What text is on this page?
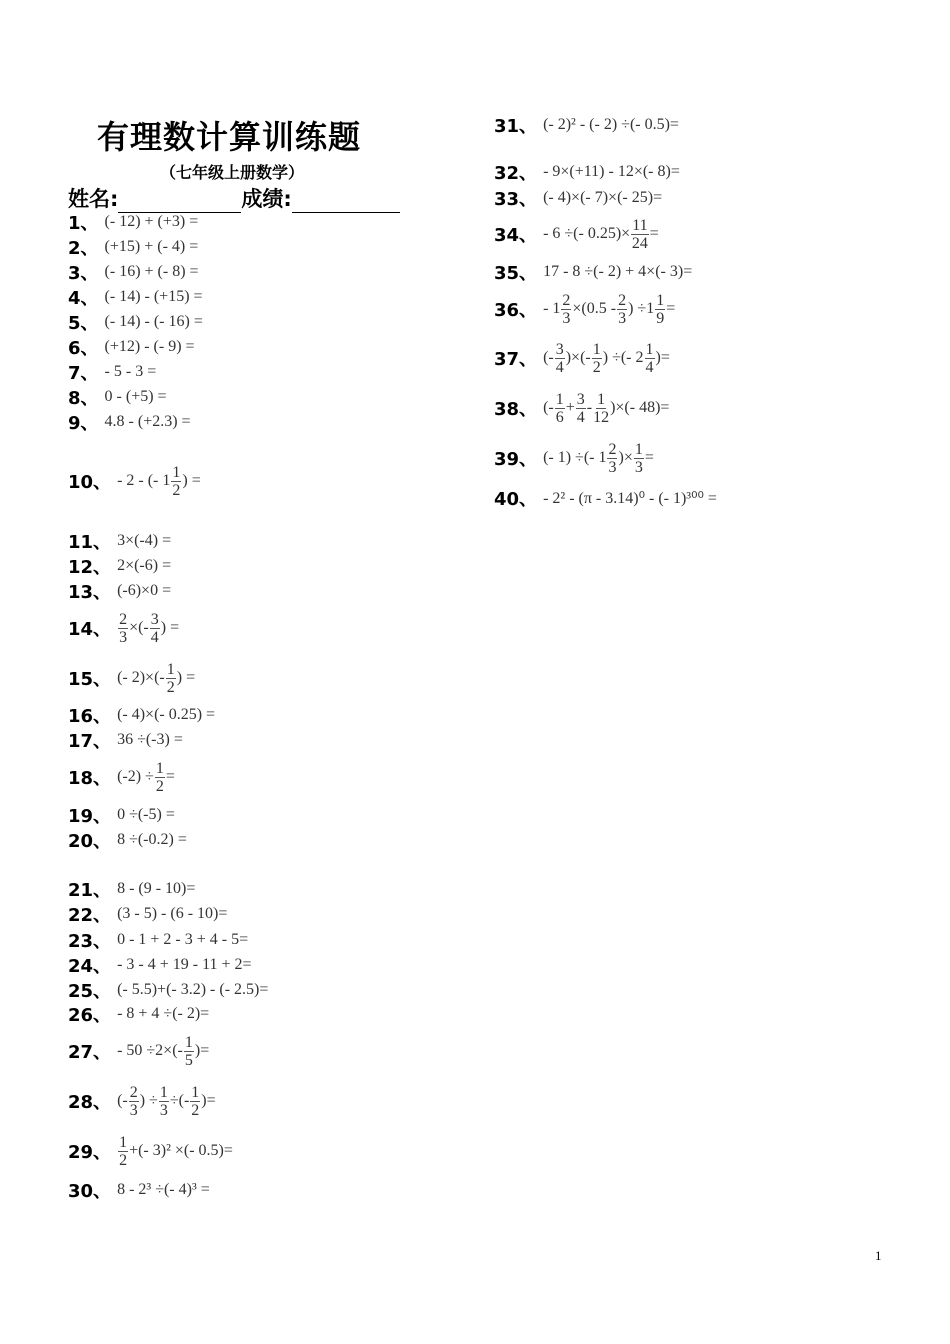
有理数计算训练题
（七年级上册数学）
姓名:	成绩:
1、 (- 12) + (+3) =
2、 (+15) + (- 4) =
3、 (- 16) + (- 8) =
4、 (- 14) - (+15) =
5、 (- 14) - (- 16) =
6、 (+12) - (- 9) =
7、 - 5 - 3 =
8、 0 - (+5) =
9、 4.8 - (+2.3) =
10、 - 2 - (- 1 1
2
) =
11、 3×(-4) =
12、 2×(-6) =
13、 (-6)×0 =
14、 $\frac{2}{3}$ ×(- 3
4
) =
15、 (- 2)×(- 1
2
) =
16、 (- 4)×(- 0.25) =
17、 36 ÷(-3) =
18、 $(-2) \div \frac{1}{2}$ =
19、 0 ÷(-5) =
20、 8 ÷(-0.2) =
21、 8 - (9 - 10)=
22、 (3 - 5) - (6 - 10)=
23、 0 - 1 + 2 - 3 + 4 - 5=
24、 - 3 - 4 + 19 - 11 + 2=
25、 (- 5.5)+(- 3.2) - (- 2.5)=
26、 - 8 + 4 ÷(- 2)=
27、 - 50 ÷2×(- 1
5
)=
28、 (- 2
3
) ÷ $\frac{1}{3}$ ÷(- 1
2
)=
29、 1
2
+(- 3)² ×(- 0.5)=
30、 8 - 2³ ÷(- 4)³ =
31、 (- 2)² - (- 2) ÷(- 0.5)=
32、 - 9×(+11) - 12×(- 8)=
33、 (- 4)×(- 7)×(- 25)=
34、 - 6 ÷(- $0.25)\times \frac{11}{24}$ =
35、 17 - 8 ÷(- 2) + 4×(- 3)=
36、 - $1 \frac{2}{3} \times(0.5 - 2$
3
) $\div 1 \frac{1}{9}$ =
37、 (- 3
4
)×(- 1
2
) ÷(- 2 1
4
)=
38、 (- 1
6
+ $\frac{3}{4} - 1$
12
)×(- 48)=
39、 (- 1) ÷(- 1 2
3
)× $\frac{1}{3}$ =
40、 - 2² - (π - 3.14)⁰ - (- 1)³⁰⁰ =
1
